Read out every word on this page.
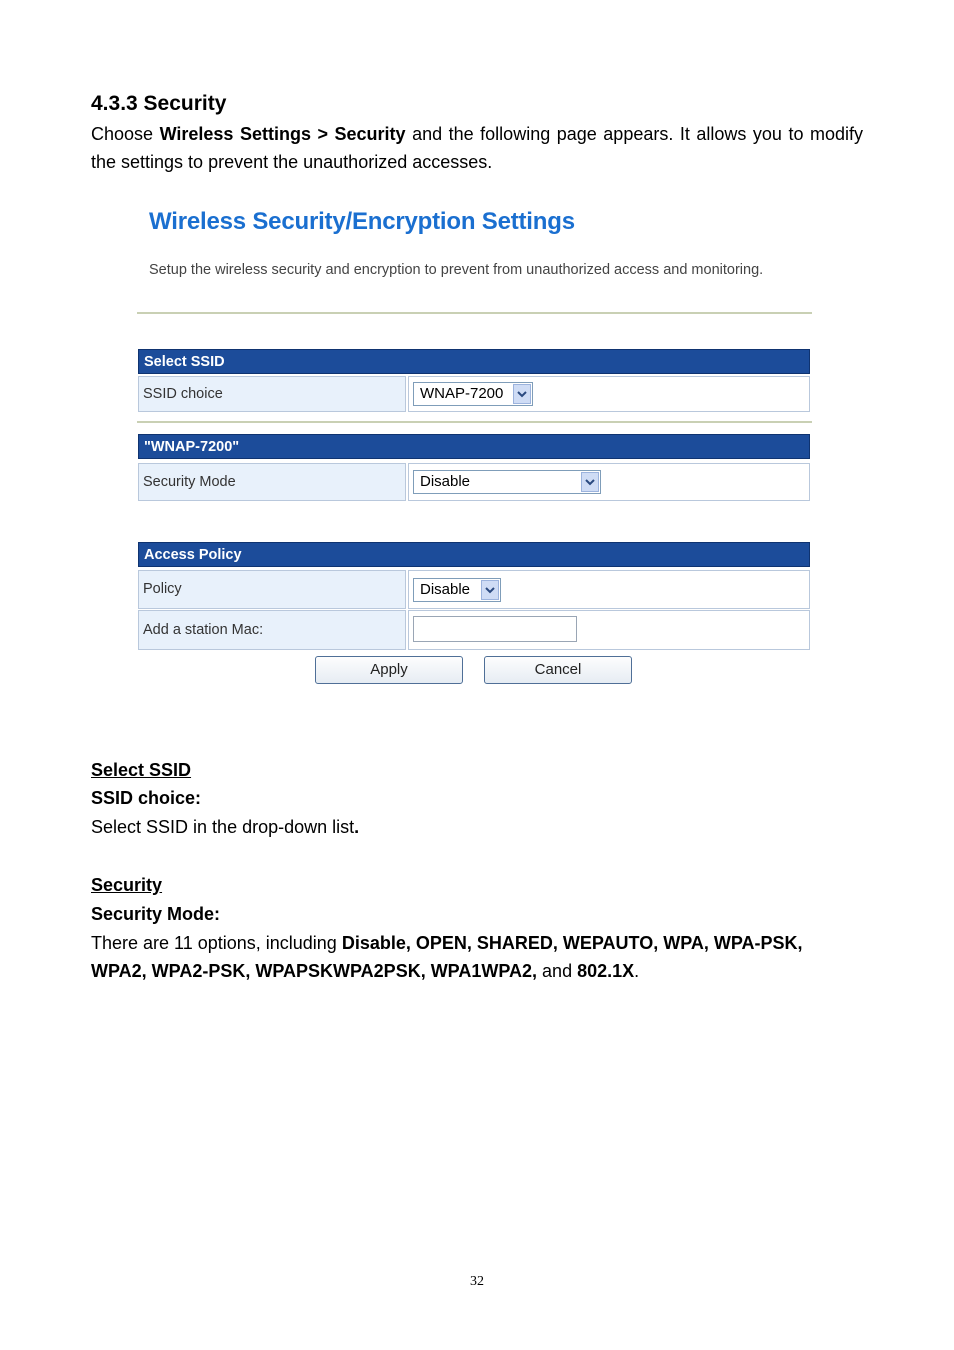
4.3.3 Security
Choose Wireless Settings > Security and the following page appears. It allows you to modify the settings to prevent the unauthorized accesses.
Wireless Security/Encryption Settings
Setup the wireless security and encryption to prevent from unauthorized access and monitoring.
Select SSID
SSID choice	WNAP-7200
"WNAP-7200"
Security Mode	Disable
Access Policy
Policy	Disable
Add a station Mac:
Apply	Cancel
Select SSID
SSID choice:
Select SSID in the drop-down list.
Security
Security Mode:
There are 11 options, including Disable, OPEN, SHARED, WEPAUTO, WPA, WPA-PSK, WPA2, WPA2-PSK, WPAPSKWPA2PSK, WPA1WPA2, and 802.1X.
32
